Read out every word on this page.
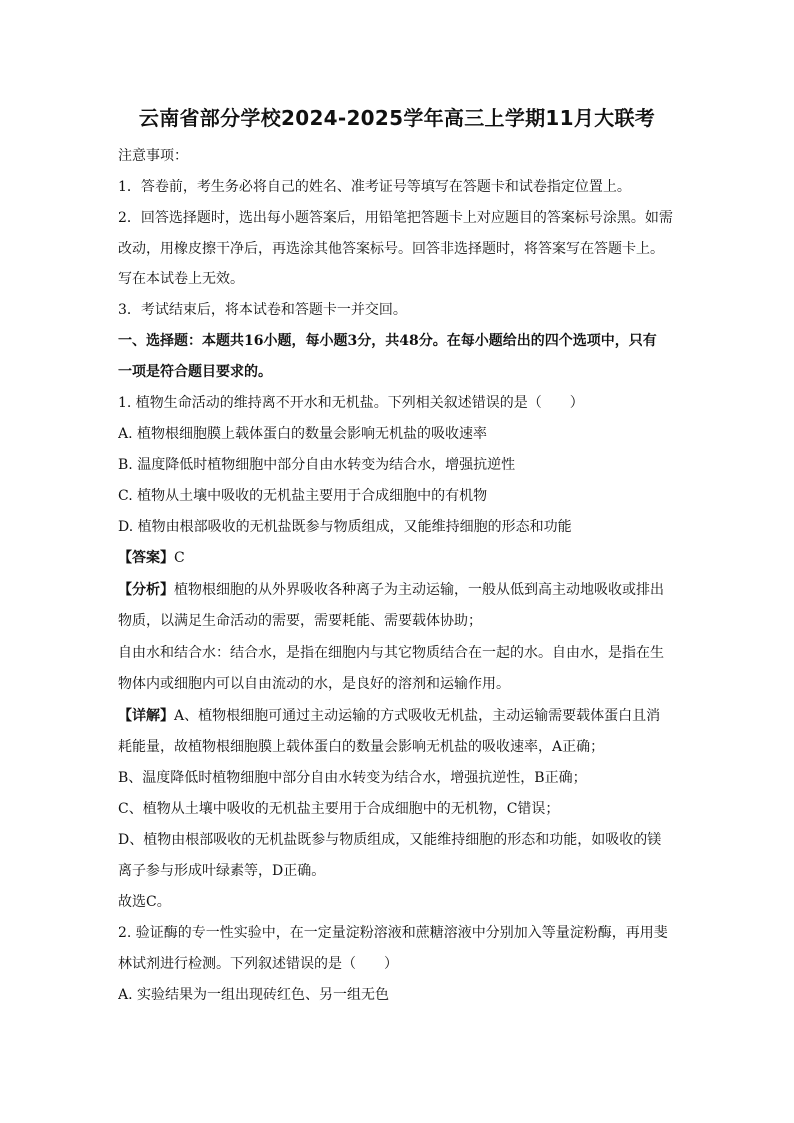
云南省部分学校2024-2025学年高三上学期11月大联考
注意事项：
1．答卷前，考生务必将自己的姓名、准考证号等填写在答题卡和试卷指定位置上。
2．回答选择题时，选出每小题答案后，用铅笔把答题卡上对应题目的答案标号涂黑。如需
改动，用橡皮擦干净后，再选涂其他答案标号。回答非选择题时，将答案写在答题卡上。
写在本试卷上无效。
3．考试结束后，将本试卷和答题卡一并交回。
一、选择题：本题共16小题，每小题3分，共48分。在每小题给出的四个选项中，只有
一项是符合题目要求的。
1. 植物生命活动的维持离不开水和无机盐。下列相关叙述错误的是（　　）
A. 植物根细胞膜上载体蛋白的数量会影响无机盐的吸收速率
B. 温度降低时植物细胞中部分自由水转变为结合水，增强抗逆性
C. 植物从土壤中吸收的无机盐主要用于合成细胞中的有机物
D. 植物由根部吸收的无机盐既参与物质组成，又能维持细胞的形态和功能
【答案】C
【分析】植物根细胞的从外界吸收各种离子为主动运输，一般从低到高主动地吸收或排出
物质，以满足生命活动的需要，需要耗能、需要载体协助；
自由水和结合水：结合水，是指在细胞内与其它物质结合在一起的水。自由水，是指在生
物体内或细胞内可以自由流动的水，是良好的溶剂和运输作用。
【详解】A、植物根细胞可通过主动运输的方式吸收无机盐，主动运输需要载体蛋白且消
耗能量，故植物根细胞膜上载体蛋白的数量会影响无机盐的吸收速率，A正确；
B、温度降低时植物细胞中部分自由水转变为结合水，增强抗逆性，B正确；
C、植物从土壤中吸收的无机盐主要用于合成细胞中的无机物，C错误；
D、植物由根部吸收的无机盐既参与物质组成，又能维持细胞的形态和功能，如吸收的镁
离子参与形成叶绿素等，D正确。
故选C。
2. 验证酶的专一性实验中，在一定量淀粉溶液和蔗糖溶液中分别加入等量淀粉酶，再用斐
林试剂进行检测。下列叙述错误的是（　　）
A. 实验结果为一组出现砖红色、另一组无色
